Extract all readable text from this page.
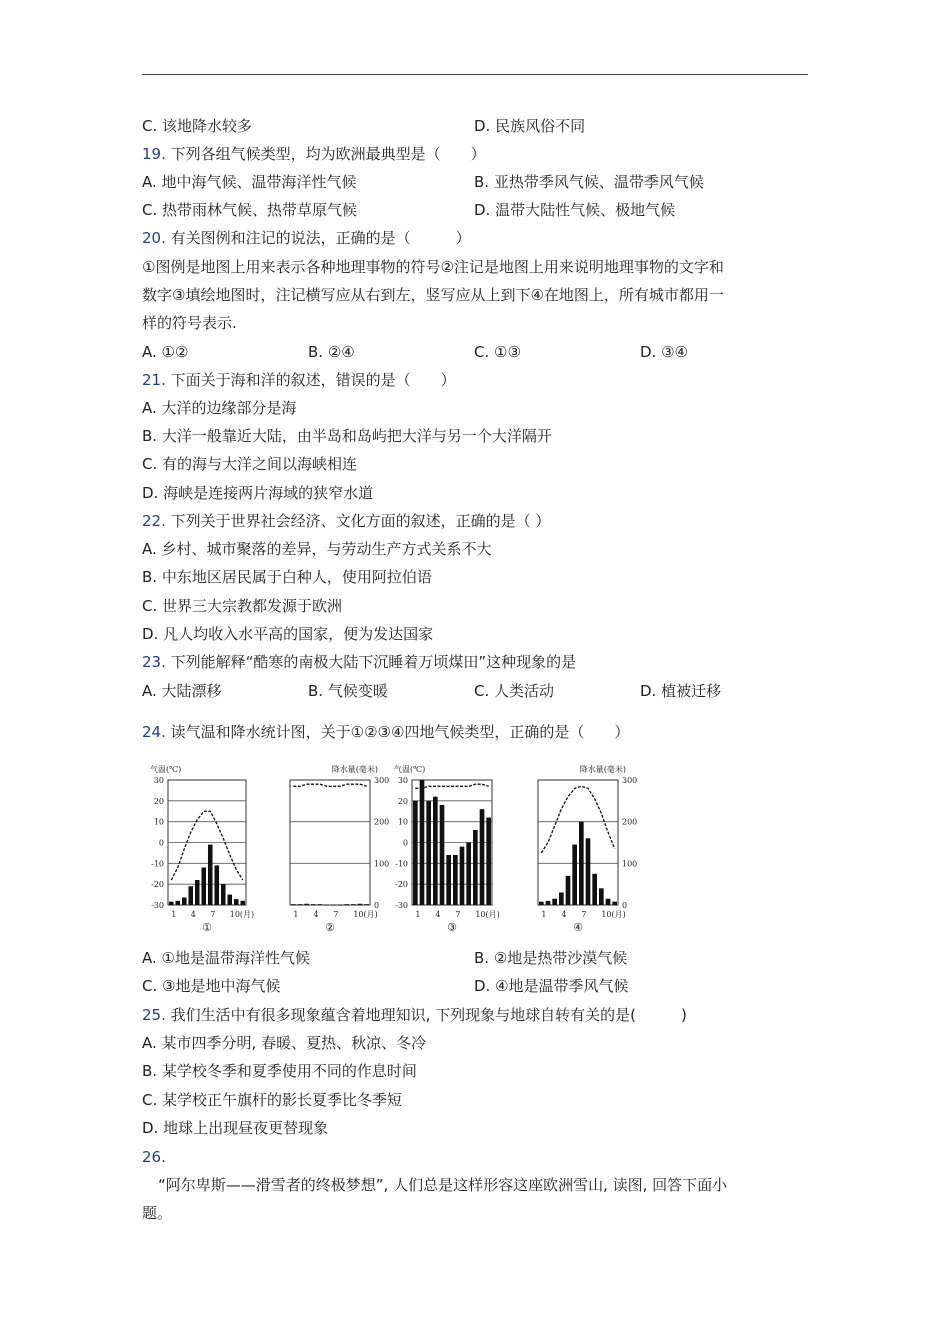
C. 该地降水较多	D. 民族风俗不同
19. 下列各组气候类型，均为欧洲最典型是（　　）
A. 地中海气候、温带海洋性气候	B. 亚热带季风气候、温带季风气候
C. 热带雨林气候、热带草原气候	D. 温带大陆性气候、极地气候
20. 有关图例和注记的说法，正确的是（　　　）
①图例是地图上用来表示各种地理事物的符号②注记是地图上用来说明地理事物的文字和
数字③填绘地图时，注记横写应从右到左，竖写应从上到下④在地图上，所有城市都用一
样的符号表示.
A. ①②	B. ②④	C. ①③	D. ③④
21. 下面关于海和洋的叙述，错误的是（　　）
A. 大洋的边缘部分是海
B. 大洋一般靠近大陆，由半岛和岛屿把大洋与另一个大洋隔开
C. 有的海与大洋之间以海峡相连
D. 海峡是连接两片海域的狭窄水道
22. 下列关于世界社会经济、文化方面的叙述，正确的是（ ）
A. 乡村、城市聚落的差异，与劳动生产方式关系不大
B. 中东地区居民属于白种人，使用阿拉伯语
C. 世界三大宗教都发源于欧洲
D. 凡人均收入水平高的国家，便为发达国家
23. 下列能解释“酷寒的南极大陆下沉睡着万顷煤田”这种现象的是
A. 大陆漂移	B. 气候变暖	C. 人类活动	D. 植被迁移
24. 读气温和降水统计图，关于①②③④四地气候类型，正确的是（　　）
30
20
10
0
-10
-20
-30
气温(℃)
1 4 7 10(月)
①
300
200
100
0
降水量(毫米)
1 4 7 10(月)
②
30
20
10
0
-10
-20
-30
气温(℃)
1 4 7 10(月)
③
300
200
100
0
降水量(毫米)
1 4 7 10(月)
④
A. ①地是温带海洋性气候	B. ②地是热带沙漠气候
C. ③地是地中海气候	D. ④地是温带季风气候
25. 我们生活中有很多现象蕴含着地理知识, 下列现象与地球自转有关的是(　　　)
A. 某市四季分明, 春暖、夏热、秋凉、冬冷
B. 某学校冬季和夏季使用不同的作息时间
C. 某学校正午旗杆的影长夏季比冬季短
D. 地球上出现昼夜更替现象
26.
“阿尔卑斯——滑雪者的终极梦想”, 人们总是这样形容这座欧洲雪山, 读图, 回答下面小
题。
